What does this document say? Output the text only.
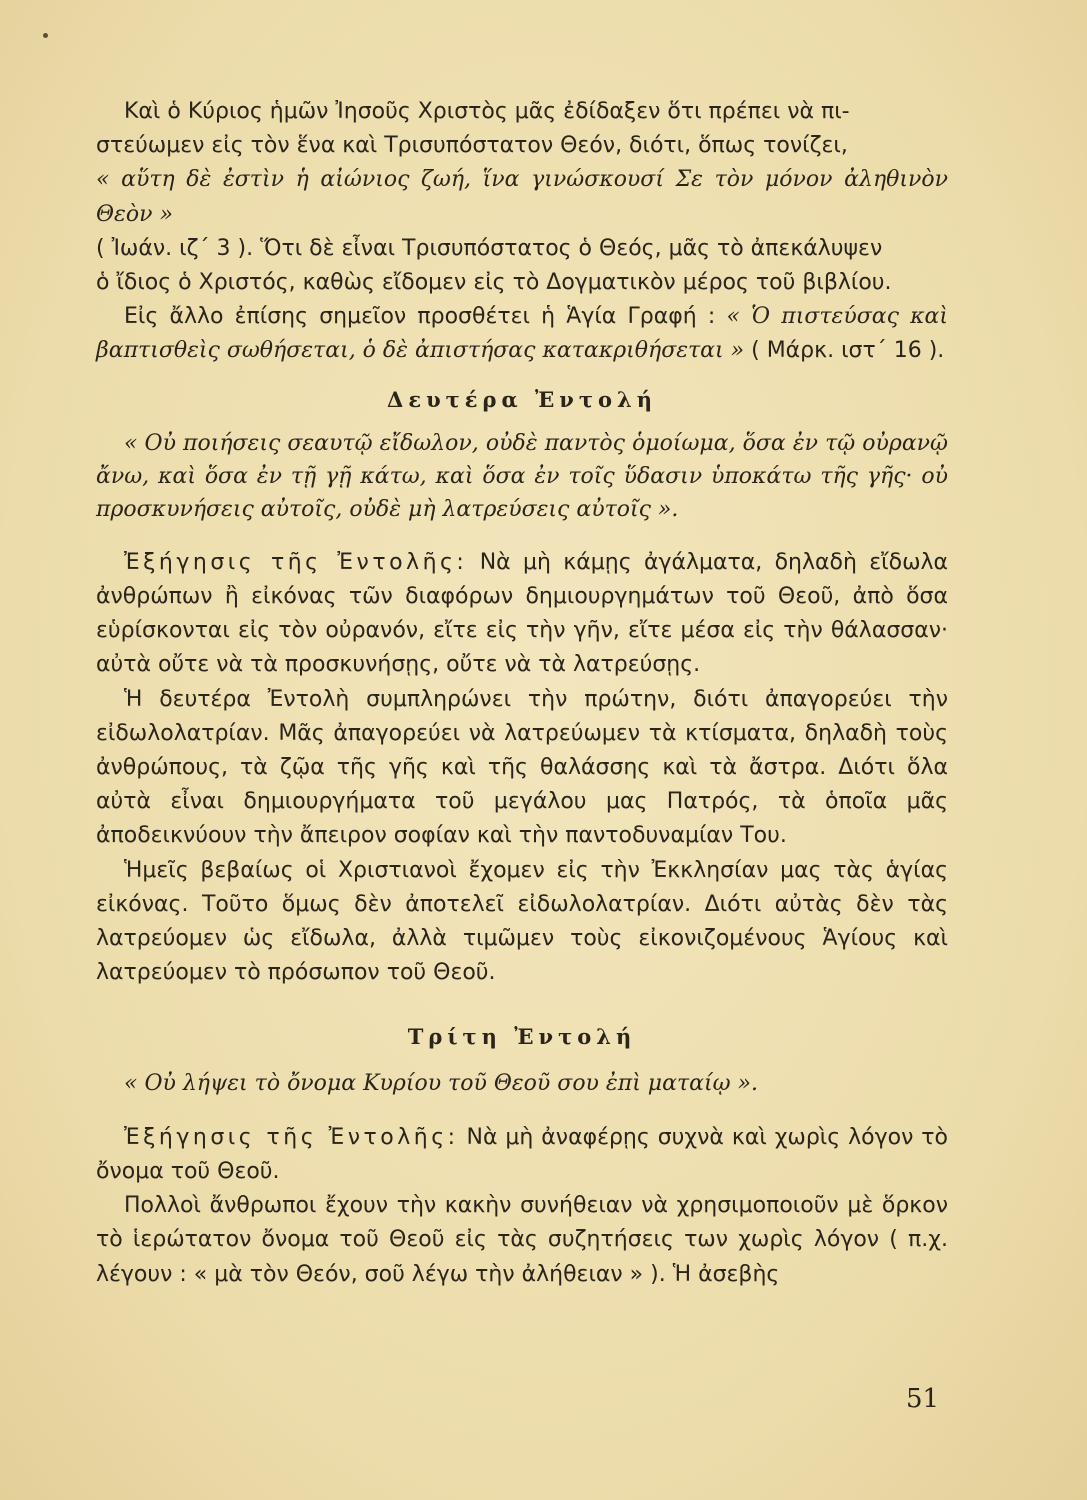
Καὶ ὁ Κύριος ἡμῶν Ἰησοῦς Χριστὸς μᾶς ἐδίδαξεν ὅτι πρέπει νὰ πι-
στεύωμεν εἰς τὸν ἕνα καὶ Τρισυπόστατον Θεόν, διότι, ὅπως τονίζει,
« αὕτη δὲ ἐστὶν ἡ αἰώνιος ζωή, ἵνα γινώσκουσί Σε τὸν μόνον ἀληθινὸν Θεὸν »
( Ἰωάν. ιζ΄ 3 ). Ὅτι δὲ εἶναι Τρισυπόστατος ὁ Θεός, μᾶς τὸ ἀπεκάλυψεν
ὁ ἴδιος ὁ Χριστός, καθὼς εἴδομεν εἰς τὸ Δογματικὸν μέρος τοῦ βιβλίου.
Εἰς ἄλλο ἐπίσης σημεῖον προσθέτει ἡ Ἁγία Γραφή : « Ὁ πιστεύσας καὶ βαπτισθεὶς σωθήσεται, ὁ δὲ ἀπιστήσας κατακριθήσεται » ( Μάρκ. ιστ΄ 16 ).
Δευτέρα Ἐντολή
« Οὐ ποιήσεις σεαυτῷ εἴδωλον, οὐδὲ παντὸς ὁμοίωμα, ὅσα ἐν τῷ οὐρανῷ ἄνω, καὶ ὅσα ἐν τῇ γῇ κάτω, καὶ ὅσα ἐν τοῖς ὕδασιν ὑποκάτω τῆς γῆς· οὐ προσκυνήσεις αὐτοῖς, οὐδὲ μὴ λατρεύσεις αὐτοῖς ».
Ἐξήγησις τῆς Ἐντολῆς: Νὰ μὴ κάμῃς ἀγάλματα, δηλαδὴ εἴδωλα ἀνθρώπων ἢ εἰκόνας τῶν διαφόρων δημιουργημάτων τοῦ Θεοῦ, ἀπὸ ὅσα εὑρίσκονται εἰς τὸν οὐρανόν, εἴτε εἰς τὴν γῆν, εἴτε μέσα εἰς τὴν θάλασσαν· αὐτὰ οὔτε νὰ τὰ προσκυνήσῃς, οὔτε νὰ τὰ λατρεύσῃς.
Ἡ δευτέρα Ἐντολὴ συμπληρώνει τὴν πρώτην, διότι ἀπαγορεύει τὴν εἰδωλολατρίαν. Μᾶς ἀπαγορεύει νὰ λατρεύωμεν τὰ κτίσματα, δηλαδὴ τοὺς ἀνθρώπους, τὰ ζῷα τῆς γῆς καὶ τῆς θαλάσσης καὶ τὰ ἄστρα. Διότι ὅλα αὐτὰ εἶναι δημιουργήματα τοῦ μεγάλου μας Πατρός, τὰ ὁποῖα μᾶς ἀποδεικνύουν τὴν ἄπειρον σοφίαν καὶ τὴν παντοδυναμίαν Του.
Ἡμεῖς βεβαίως οἱ Χριστιανοὶ ἔχομεν εἰς τὴν Ἐκκλησίαν μας τὰς ἁγίας εἰκόνας. Τοῦτο ὅμως δὲν ἀποτελεῖ εἰδωλολατρίαν. Διότι αὐτὰς δὲν τὰς λατρεύομεν ὡς εἴδωλα, ἀλλὰ τιμῶμεν τοὺς εἰκονιζομένους Ἁγίους καὶ λατρεύομεν τὸ πρόσωπον τοῦ Θεοῦ.
Τρίτη Ἐντολή
« Οὐ λήψει τὸ ὄνομα Κυρίου τοῦ Θεοῦ σου ἐπὶ ματαίῳ ».
Ἐξήγησις τῆς Ἐντολῆς: Νὰ μὴ ἀναφέρῃς συχνὰ καὶ χωρὶς λόγον τὸ ὄνομα τοῦ Θεοῦ.
Πολλοὶ ἄνθρωποι ἔχουν τὴν κακὴν συνήθειαν νὰ χρησιμοποιοῦν μὲ ὅρκον τὸ ἱερώτατον ὄνομα τοῦ Θεοῦ εἰς τὰς συζητήσεις των χωρὶς λόγον ( π.χ. λέγουν : « μὰ τὸν Θεόν, σοῦ λέγω τὴν ἀλήθειαν » ). Ἡ ἀσεβὴς
51
